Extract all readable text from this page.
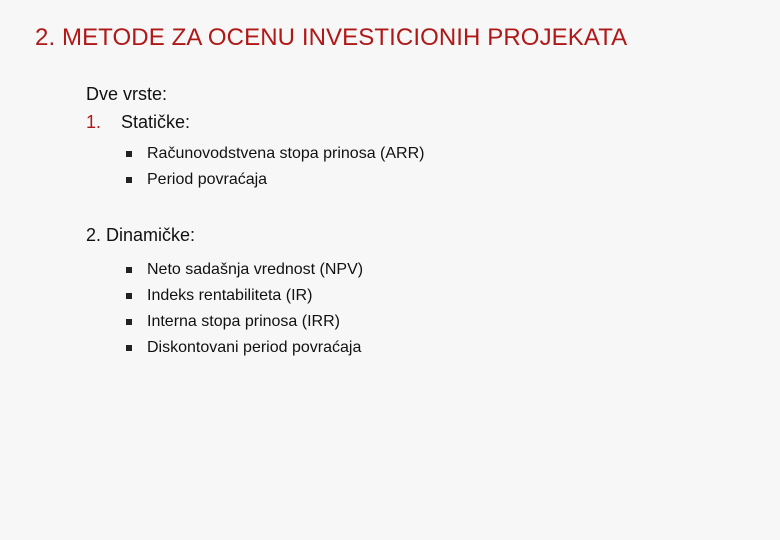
2. METODE ZA OCENU INVESTICIONIH PROJEKATA
Dve vrste:
1.	Statičke:
Računovodstvena stopa prinosa (ARR)
Period povraćaja
2. Dinamičke:
Neto sadašnja vrednost (NPV)
Indeks rentabiliteta (IR)
Interna stopa prinosa (IRR)
Diskontovani period povraćaja
